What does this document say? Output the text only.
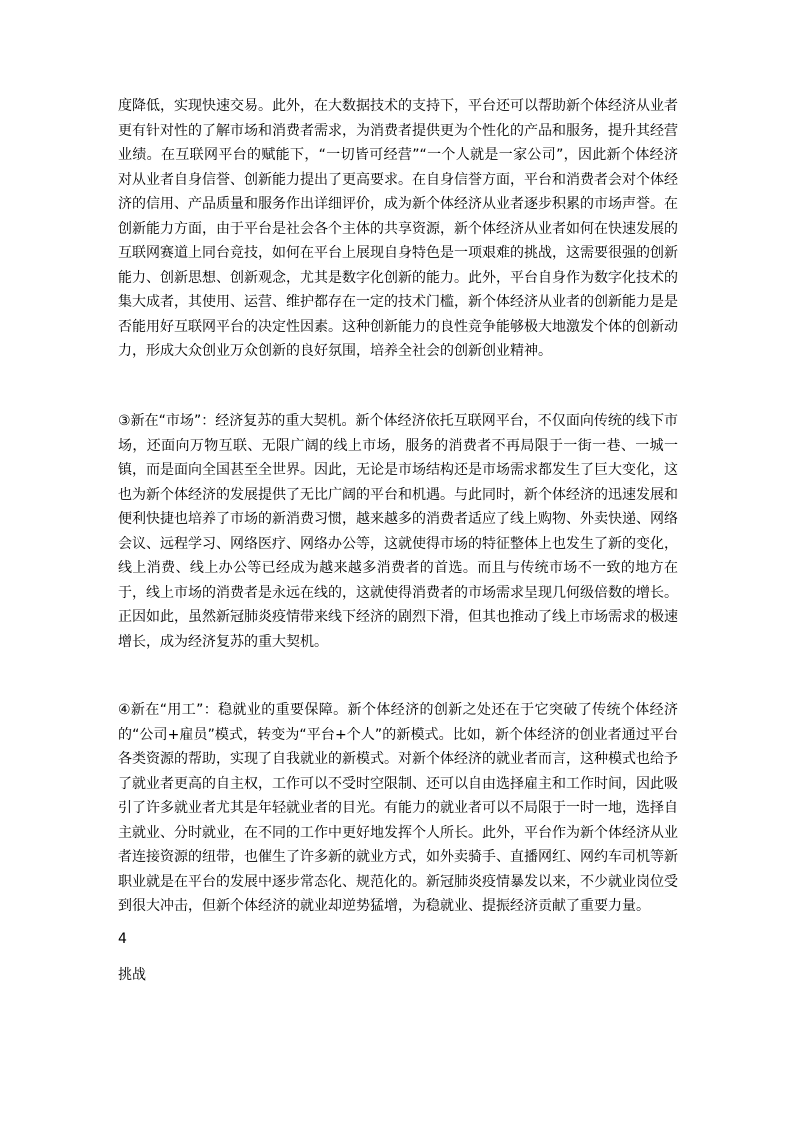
度降低，实现快速交易。此外，在大数据技术的支持下，平台还可以帮助新个体经济从业者更有针对性的了解市场和消费者需求，为消费者提供更为个性化的产品和服务，提升其经营业绩。在互联网平台的赋能下，“一切皆可经营”“一个人就是一家公司”，因此新个体经济对从业者自身信誉、创新能力提出了更高要求。在自身信誉方面，平台和消费者会对个体经济的信用、产品质量和服务作出详细评价，成为新个体经济从业者逐步积累的市场声誉。在创新能力方面，由于平台是社会各个主体的共享资源，新个体经济从业者如何在快速发展的互联网赛道上同台竞技，如何在平台上展现自身特色是一项艰难的挑战，这需要很强的创新能力、创新思想、创新观念，尤其是数字化创新的能力。此外，平台自身作为数字化技术的集大成者，其使用、运营、维护都存在一定的技术门槛，新个体经济从业者的创新能力是是否能用好互联网平台的决定性因素。这种创新能力的良性竞争能够极大地激发个体的创新动力，形成大众创业万众创新的良好氛围，培养全社会的创新创业精神。
③新在“市场”：经济复苏的重大契机。新个体经济依托互联网平台，不仅面向传统的线下市场，还面向万物互联、无限广阔的线上市场，服务的消费者不再局限于一街一巷、一城一镇，而是面向全国甚至全世界。因此，无论是市场结构还是市场需求都发生了巨大变化，这也为新个体经济的发展提供了无比广阔的平台和机遇。与此同时，新个体经济的迅速发展和便利快捷也培养了市场的新消费习惯，越来越多的消费者适应了线上购物、外卖快递、网络会议、远程学习、网络医疗、网络办公等，这就使得市场的特征整体上也发生了新的变化，线上消费、线上办公等已经成为越来越多消费者的首选。而且与传统市场不一致的地方在于，线上市场的消费者是永远在线的，这就使得消费者的市场需求呈现几何级倍数的增长。正因如此，虽然新冠肺炎疫情带来线下经济的剧烈下滑，但其也推动了线上市场需求的极速增长，成为经济复苏的重大契机。
④新在“用工”：稳就业的重要保障。新个体经济的创新之处还在于它突破了传统个体经济的“公司+雇员”模式，转变为“平台+个人”的新模式。比如，新个体经济的创业者通过平台各类资源的帮助，实现了自我就业的新模式。对新个体经济的就业者而言，这种模式也给予了就业者更高的自主权，工作可以不受时空限制、还可以自由选择雇主和工作时间，因此吸引了许多就业者尤其是年轻就业者的目光。有能力的就业者可以不局限于一时一地，选择自主就业、分时就业，在不同的工作中更好地发挥个人所长。此外，平台作为新个体经济从业者连接资源的纽带，也催生了许多新的就业方式，如外卖骑手、直播网红、网约车司机等新职业就是在平台的发展中逐步常态化、规范化的。新冠肺炎疫情暴发以来，不少就业岗位受到很大冲击，但新个体经济的就业却逆势猛增，为稳就业、提振经济贡献了重要力量。
4
挑战
